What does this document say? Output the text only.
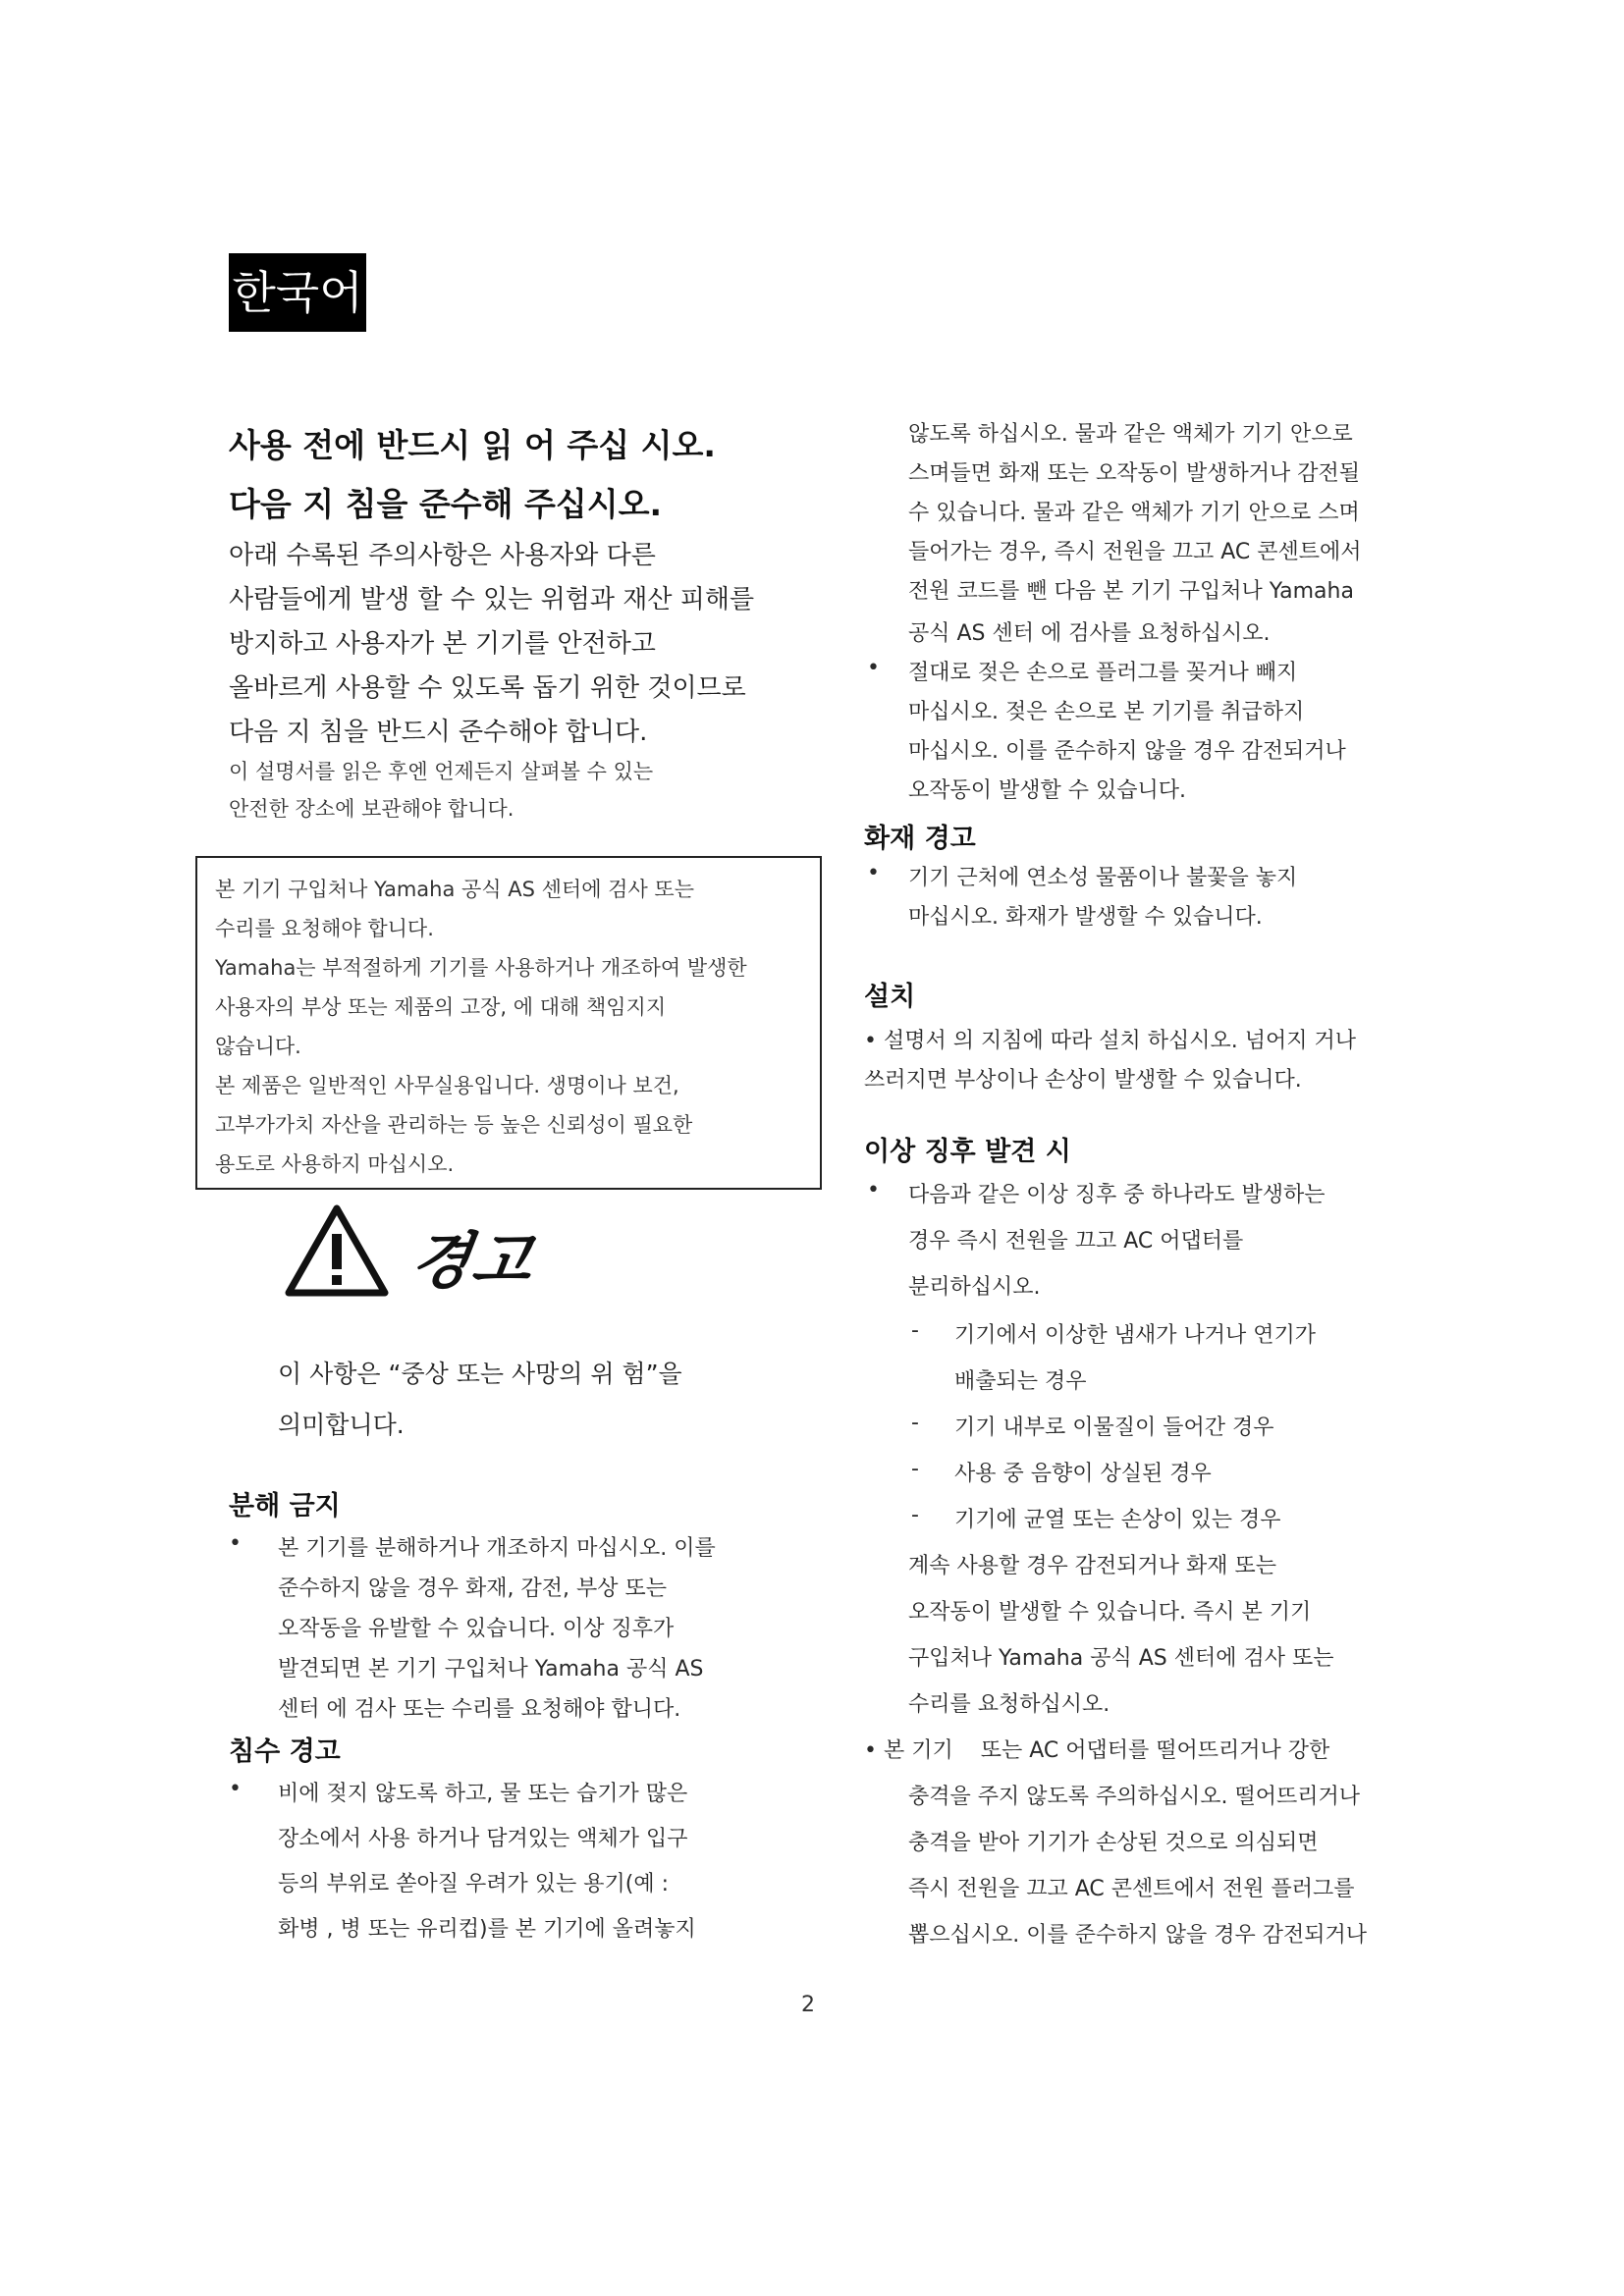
한국어
사용 전에 반드시 읽 어 주십 시오.
다음 지 침을 준수해 주십시오.
아래 수록된 주의사항은 사용자와 다른
사람들에게 발생 할 수 있는 위험과 재산 피해를
방지하고 사용자가 본 기기를 안전하고
올바르게 사용할 수 있도록 돕기 위한 것이므로
다음 지 침을 반드시 준수해야 합니다.
이 설명서를 읽은 후엔 언제든지 살펴볼 수 있는
안전한 장소에 보관해야 합니다.
본 기기 구입처나 Yamaha 공식 AS 센터에 검사 또는
수리를 요청해야 합니다.
Yamaha는 부적절하게 기기를 사용하거나 개조하여 발생한
사용자의 부상 또는 제품의 고장, 에 대해 책임지지
않습니다.
본 제품은 일반적인 사무실용입니다. 생명이나 보건,
고부가가치 자산을 관리하는 등 높은 신뢰성이 필요한
용도로 사용하지 마십시오.
경고
이 사항은 “중상 또는 사망의 위 험”을
의미합니다.
분해 금지
• 본 기기를 분해하거나 개조하지 마십시오. 이를
준수하지 않을 경우 화재, 감전, 부상 또는
오작동을 유발할 수 있습니다. 이상 징후가
발견되면 본 기기 구입처나 Yamaha 공식 AS
센터 에 검사 또는 수리를 요청해야 합니다.
침수 경고
• 비에 젖지 않도록 하고, 물 또는 습기가 많은
장소에서 사용 하거나 담겨있는 액체가 입구
등의 부위로 쏟아질 우려가 있는 용기(예 :
화병 , 병 또는 유리컵)를 본 기기에 올려놓지
않도록 하십시오. 물과 같은 액체가 기기 안으로
스며들면 화재 또는 오작동이 발생하거나 감전될
수 있습니다. 물과 같은 액체가 기기 안으로 스며
들어가는 경우, 즉시 전원을 끄고 AC 콘센트에서
전원 코드를 뺀 다음 본 기기 구입처나 Yamaha
공식 AS 센터 에 검사를 요청하십시오.
• 절대로 젖은 손으로 플러그를 꽂거나 빼지
마십시오. 젖은 손으로 본 기기를 취급하지
마십시오. 이를 준수하지 않을 경우 감전되거나
오작동이 발생할 수 있습니다.
화재 경고
• 기기 근처에 연소성 물품이나 불꽃을 놓지
마십시오. 화재가 발생할 수 있습니다.
설치
• 설명서 의 지침에 따라 설치 하십시오. 넘어지 거나
쓰러지면 부상이나 손상이 발생할 수 있습니다.
이상 징후 발견 시
• 다음과 같은 이상 징후 중 하나라도 발생하는
경우 즉시 전원을 끄고 AC 어댑터를
분리하십시오.
- 기기에서 이상한 냄새가 나거나 연기가
배출되는 경우
- 기기 내부로 이물질이 들어간 경우
- 사용 중 음향이 상실된 경우
- 기기에 균열 또는 손상이 있는 경우
계속 사용할 경우 감전되거나 화재 또는
오작동이 발생할 수 있습니다. 즉시 본 기기
구입처나 Yamaha 공식 AS 센터에 검사 또는
수리를 요청하십시오.
• 본 기기    또는 AC 어댑터를 떨어뜨리거나 강한
충격을 주지 않도록 주의하십시오. 떨어뜨리거나
충격을 받아 기기가 손상된 것으로 의심되면
즉시 전원을 끄고 AC 콘센트에서 전원 플러그를
뽑으십시오. 이를 준수하지 않을 경우 감전되거나
2
